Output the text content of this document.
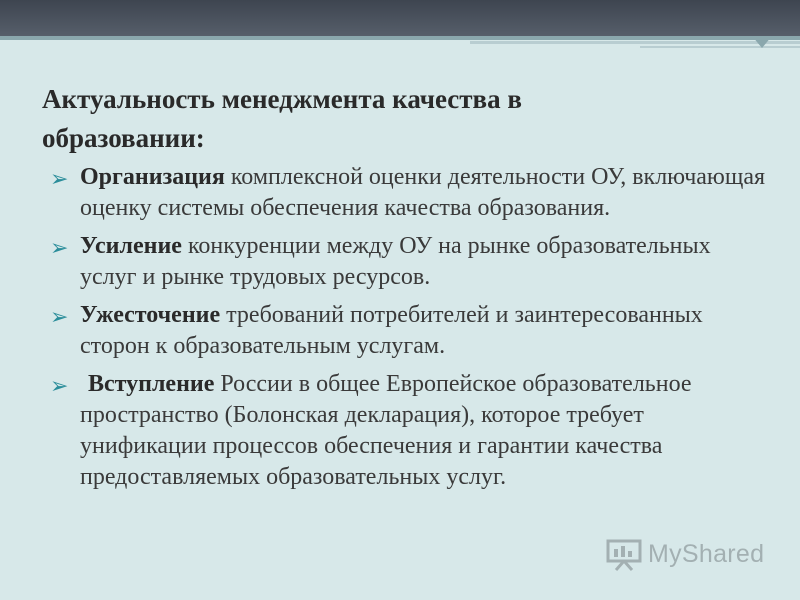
Актуальность менеджмента качества в образовании:
➢ Организация комплексной оценки деятельности ОУ, включающая оценку системы обеспечения качества образования.
➢ Усиление конкуренции между ОУ на рынке образовательных услуг и рынке трудовых ресурсов.
➢ Ужесточение требований потребителей и заинтересованных сторон к образовательным услугам.
➢ Вступление России в общее Европейское образовательное пространство (Болонская декларация), которое требует унификации процессов обеспечения и гарантии качества предоставляемых образовательных услуг.
MyShared
